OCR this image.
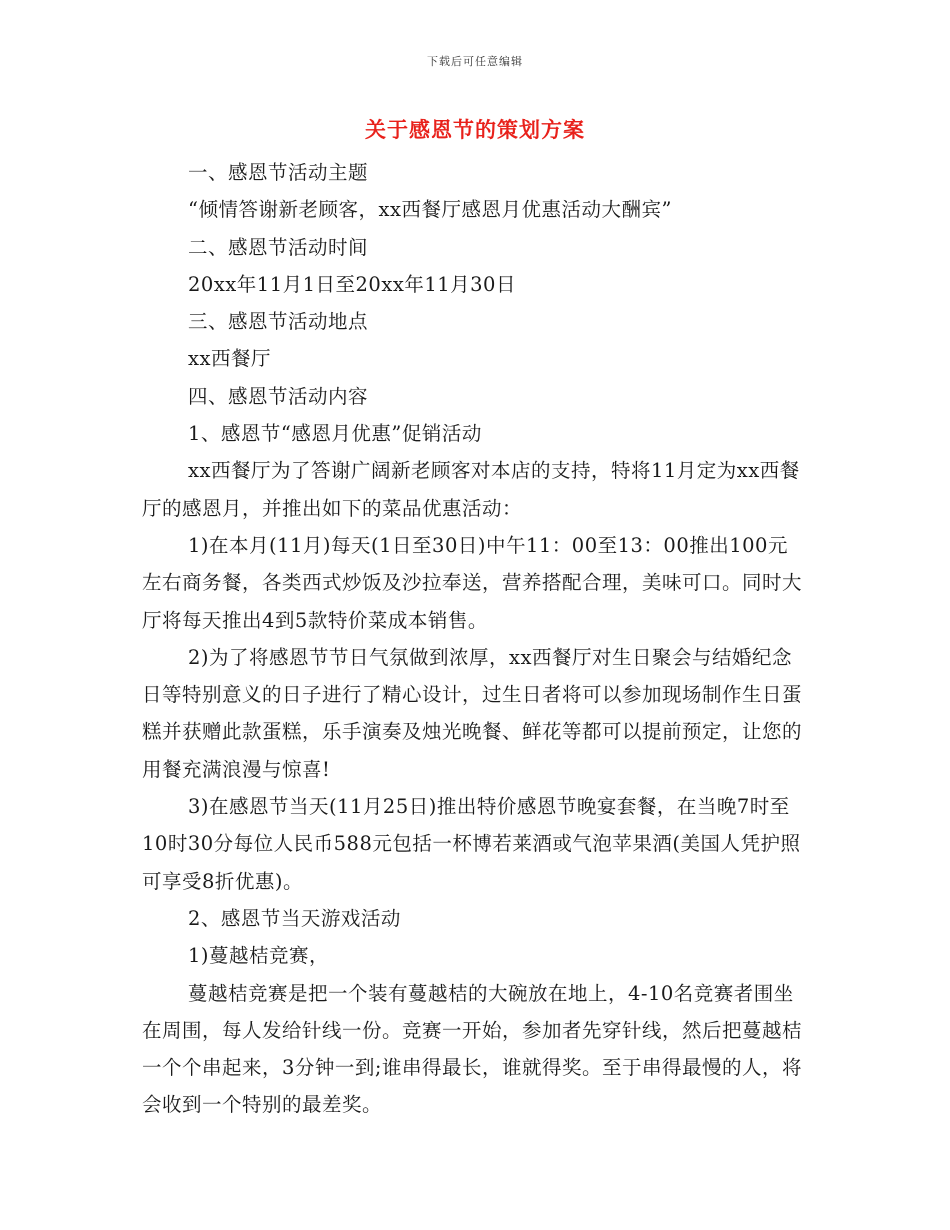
下载后可任意编辑
关于感恩节的策划方案

一、感恩节活动主题

“倾情答谢新老顾客，xx西餐厅感恩月优惠活动大酬宾”

二、感恩节活动时间

20xx年11月1日至20xx年11月30日

三、感恩节活动地点

xx西餐厅

四、感恩节活动内容

1、感恩节“感恩月优惠”促销活动

xx西餐厅为了答谢广阔新老顾客对本店的支持，特将11月定为xx西餐厅的感恩月，并推出如下的菜品优惠活动：

1)在本月(11月)每天(1日至30日)中午11：00至13：00推出100元左右商务餐，各类西式炒饭及沙拉奉送，营养搭配合理，美味可口。同时大厅将每天推出4到5款特价菜成本销售。

2)为了将感恩节节日气氛做到浓厚，xx西餐厅对生日聚会与结婚纪念日等特别意义的日子进行了精心设计，过生日者将可以参加现场制作生日蛋糕并获赠此款蛋糕，乐手演奏及烛光晚餐、鲜花等都可以提前预定，让您的用餐充满浪漫与惊喜!

3)在感恩节当天(11月25日)推出特价感恩节晚宴套餐，在当晚7时至10时30分每位人民币588元包括一杯博若莱酒或气泡苹果酒(美国人凭护照可享受8折优惠)。

2、感恩节当天游戏活动

1)蔓越桔竞赛，

蔓越桔竞赛是把一个装有蔓越桔的大碗放在地上，4-10名竞赛者围坐在周围，每人发给针线一份。竞赛一开始，参加者先穿针线，然后把蔓越桔一个个串起来，3分钟一到;谁串得最长，谁就得奖。至于串得最慢的人，将会收到一个特别的最差奖。
